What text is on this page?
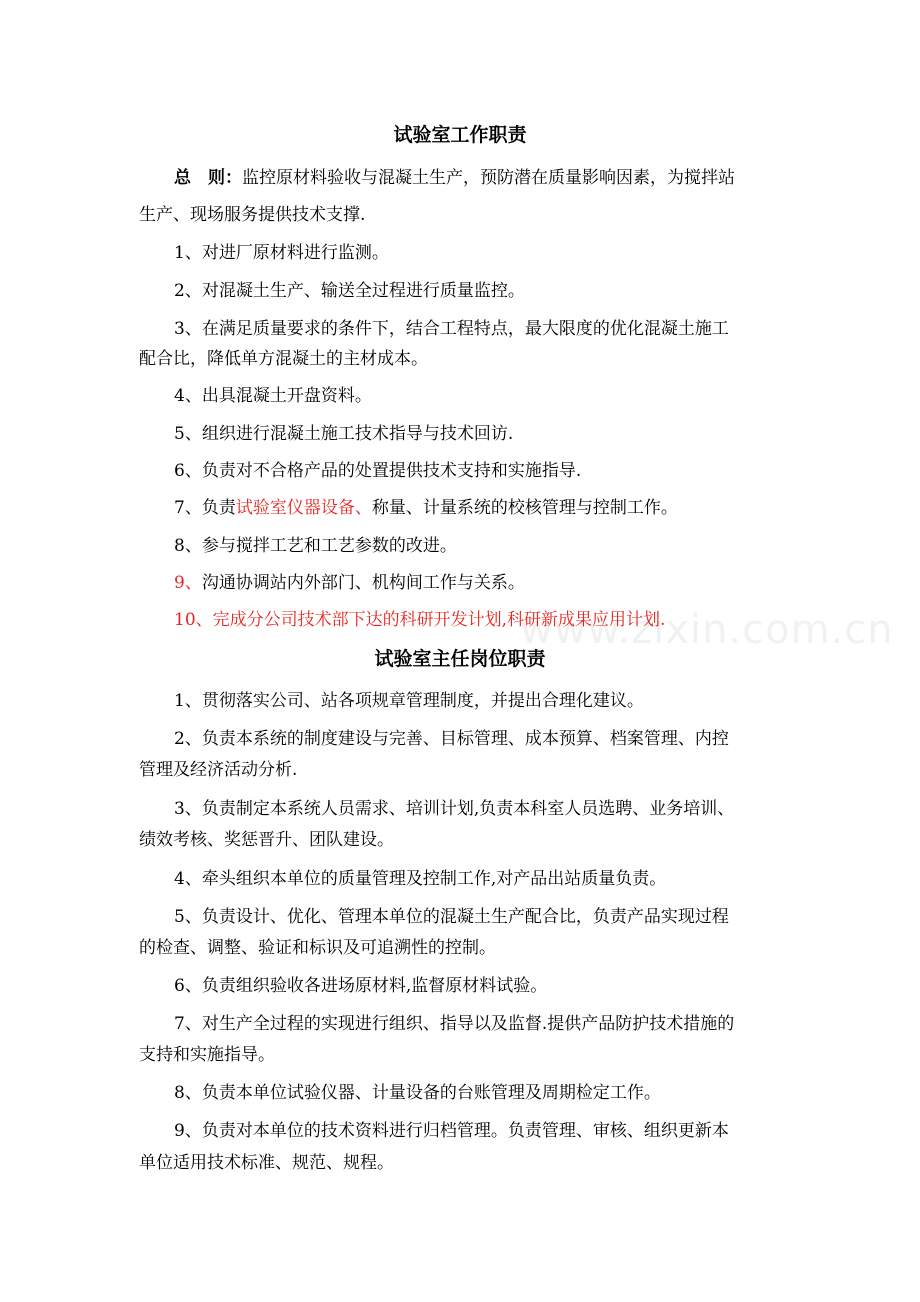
试验室工作职责
总　则：监控原材料验收与混凝土生产，预防潜在质量影响因素，为搅拌站
生产、现场服务提供技术支撑.
1、对进厂原材料进行监测。
2、对混凝土生产、输送全过程进行质量监控。
3、在满足质量要求的条件下，结合工程特点，最大限度的优化混凝土施工
配合比，降低单方混凝土的主材成本。
4、出具混凝土开盘资料。
5、组织进行混凝土施工技术指导与技术回访.
6、负责对不合格产品的处置提供技术支持和实施指导.
7、负责试验室仪器设备、称量、计量系统的校核管理与控制工作。
8、参与搅拌工艺和工艺参数的改进。
9、沟通协调站内外部门、机构间工作与关系。
10、完成分公司技术部下达的科研开发计划,科研新成果应用计划.
www.zixin.com.cn
试验室主任岗位职责
1、贯彻落实公司、站各项规章管理制度，并提出合理化建议。
2、负责本系统的制度建设与完善、目标管理、成本预算、档案管理、内控
管理及经济活动分析.
3、负责制定本系统人员需求、培训计划,负责本科室人员选聘、业务培训、
绩效考核、奖惩晋升、团队建设。
4、牵头组织本单位的质量管理及控制工作,对产品出站质量负责。
5、负责设计、优化、管理本单位的混凝土生产配合比，负责产品实现过程
的检查、调整、验证和标识及可追溯性的控制。
6、负责组织验收各进场原材料,监督原材料试验。
7、对生产全过程的实现进行组织、指导以及监督.提供产品防护技术措施的
支持和实施指导。
8、负责本单位试验仪器、计量设备的台账管理及周期检定工作。
9、负责对本单位的技术资料进行归档管理。负责管理、审核、组织更新本
单位适用技术标准、规范、规程。
